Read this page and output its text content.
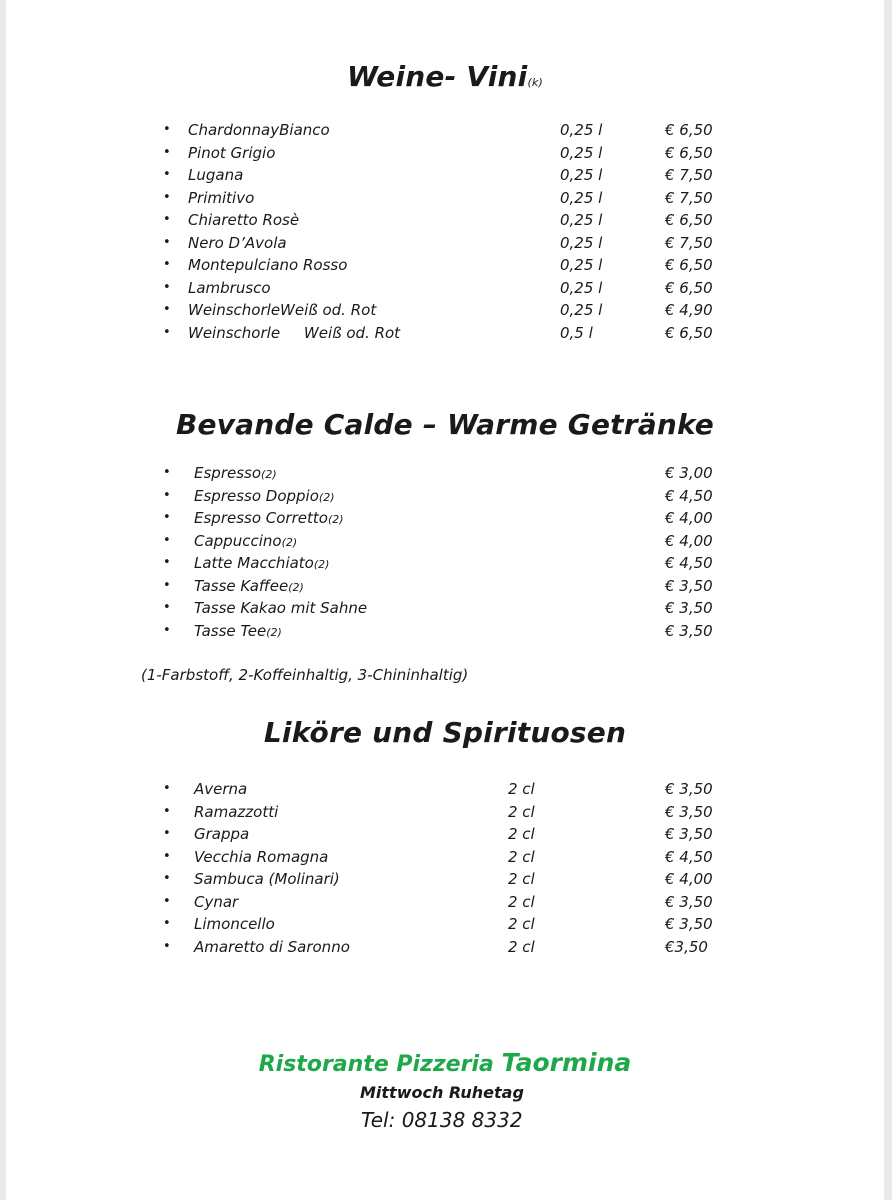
Weine- Vini(k)
• ChardonnayBianco	0,25 l	€ 6,50
• Pinot Grigio	0,25 l	€ 6,50
• Lugana	0,25 l	€ 7,50
• Primitivo	0,25 l	€ 7,50
• Chiaretto Rosè	0,25 l	€ 6,50
• Nero D’Avola	0,25 l	€ 7,50
• Montepulciano Rosso	0,25 l	€ 6,50
• Lambrusco	0,25 l	€ 6,50
• WeinschorleWeiß od. Rot	0,25 l	€ 4,90
• Weinschorle     Weiß od. Rot	0,5 l	€ 6,50
Bevande Calde – Warme Getränke
• Espresso(2)	€ 3,00
• Espresso Doppio(2)	€ 4,50
• Espresso Corretto(2)	€ 4,00
• Cappuccino(2)	€ 4,00
• Latte Macchiato(2)	€ 4,50
• Tasse Kaffee(2)	€ 3,50
• Tasse Kakao mit Sahne	€ 3,50
• Tasse Tee(2)	€ 3,50
(1-Farbstoff, 2-Koffeinhaltig, 3-Chininhaltig)
Liköre und Spirituosen
• Averna	2 cl	€ 3,50
• Ramazzotti	2 cl	€ 3,50
• Grappa	2 cl	€ 3,50
• Vecchia Romagna	2 cl	€ 4,50
• Sambuca (Molinari)	2 cl	€ 4,00
• Cynar	2 cl	€ 3,50
• Limoncello	2 cl	€ 3,50
• Amaretto di Saronno	2 cl	€3,50
Ristorante Pizzeria Taormina
Mittwoch Ruhetag
Tel: 08138 8332
